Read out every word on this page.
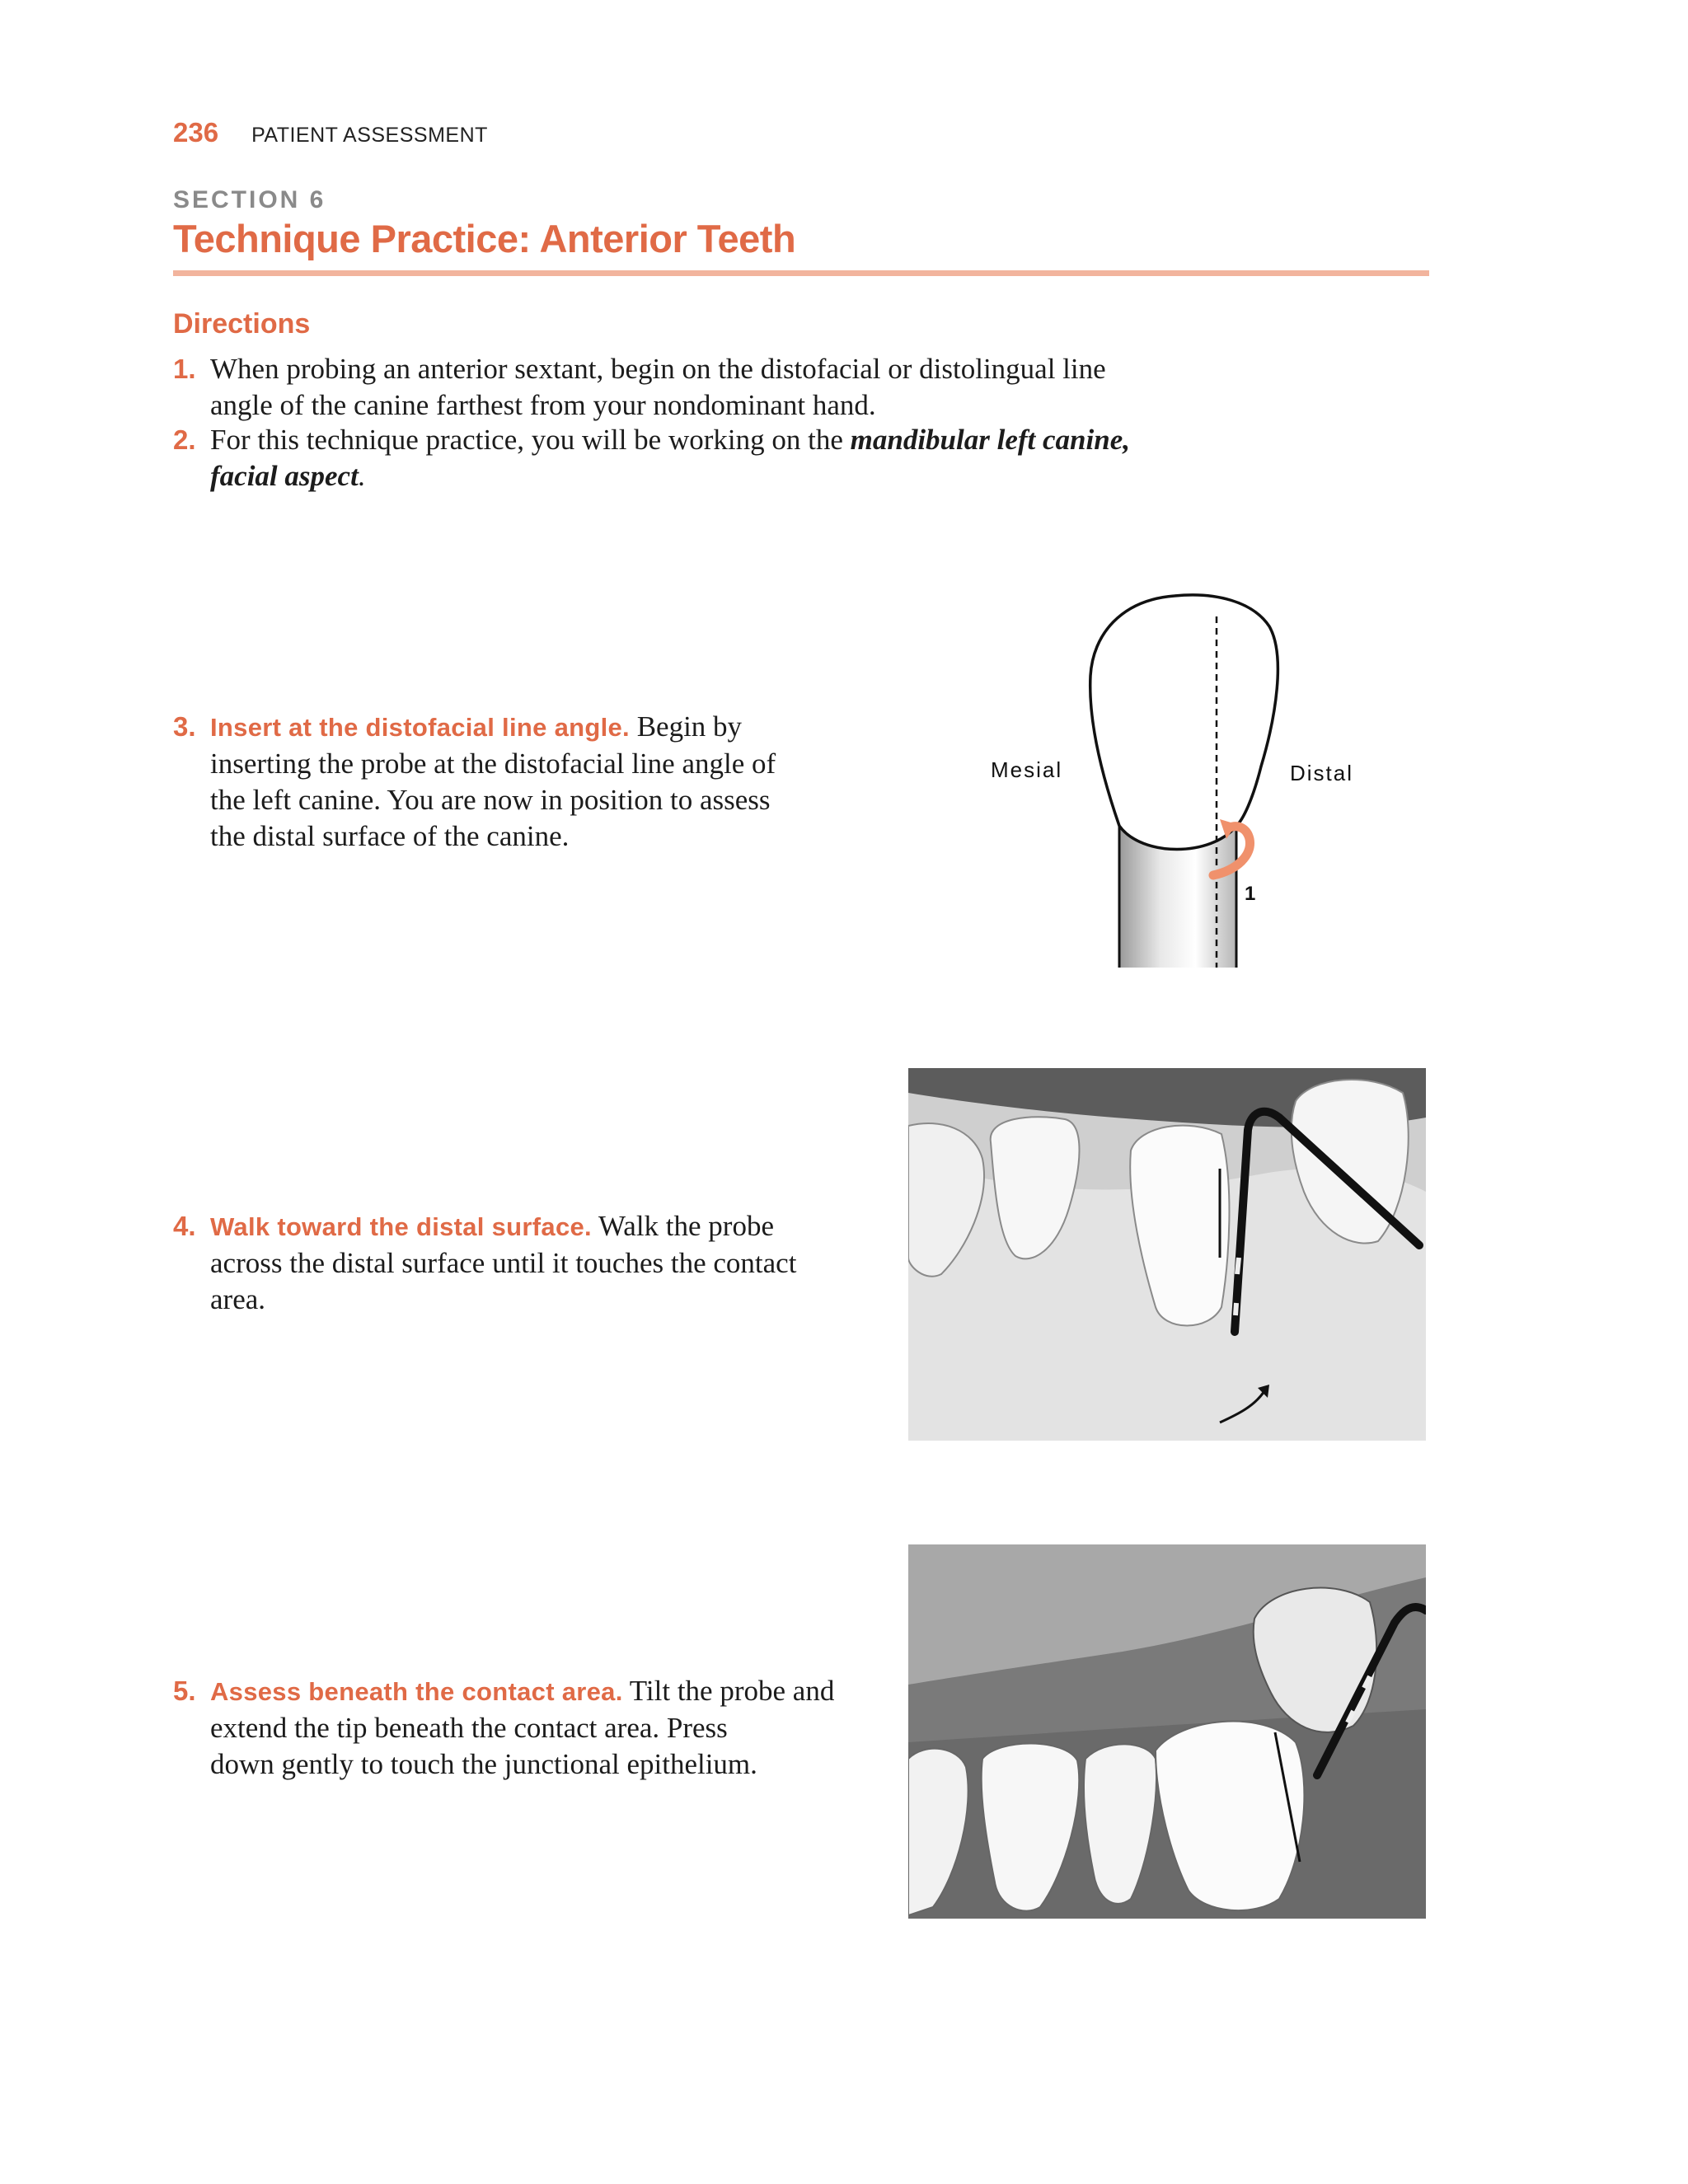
236 PATIENT ASSESSMENT
SECTION 6
Technique Practice: Anterior Teeth
Directions
1. When probing an anterior sextant, begin on the distofacial or distolingual line
angle of the canine farthest from your nondominant hand.
2. For this technique practice, you will be working on the mandibular left canine,
facial aspect.
3. Insert at the distofacial line angle. Begin by
inserting the probe at the distofacial line angle of
the left canine. You are now in position to assess
the distal surface of the canine.
Mesial	Distal
1
4. Walk toward the distal surface. Walk the probe
across the distal surface until it touches the contact
area.
5. Assess beneath the contact area. Tilt the probe and
extend the tip beneath the contact area. Press
down gently to touch the junctional epithelium.
